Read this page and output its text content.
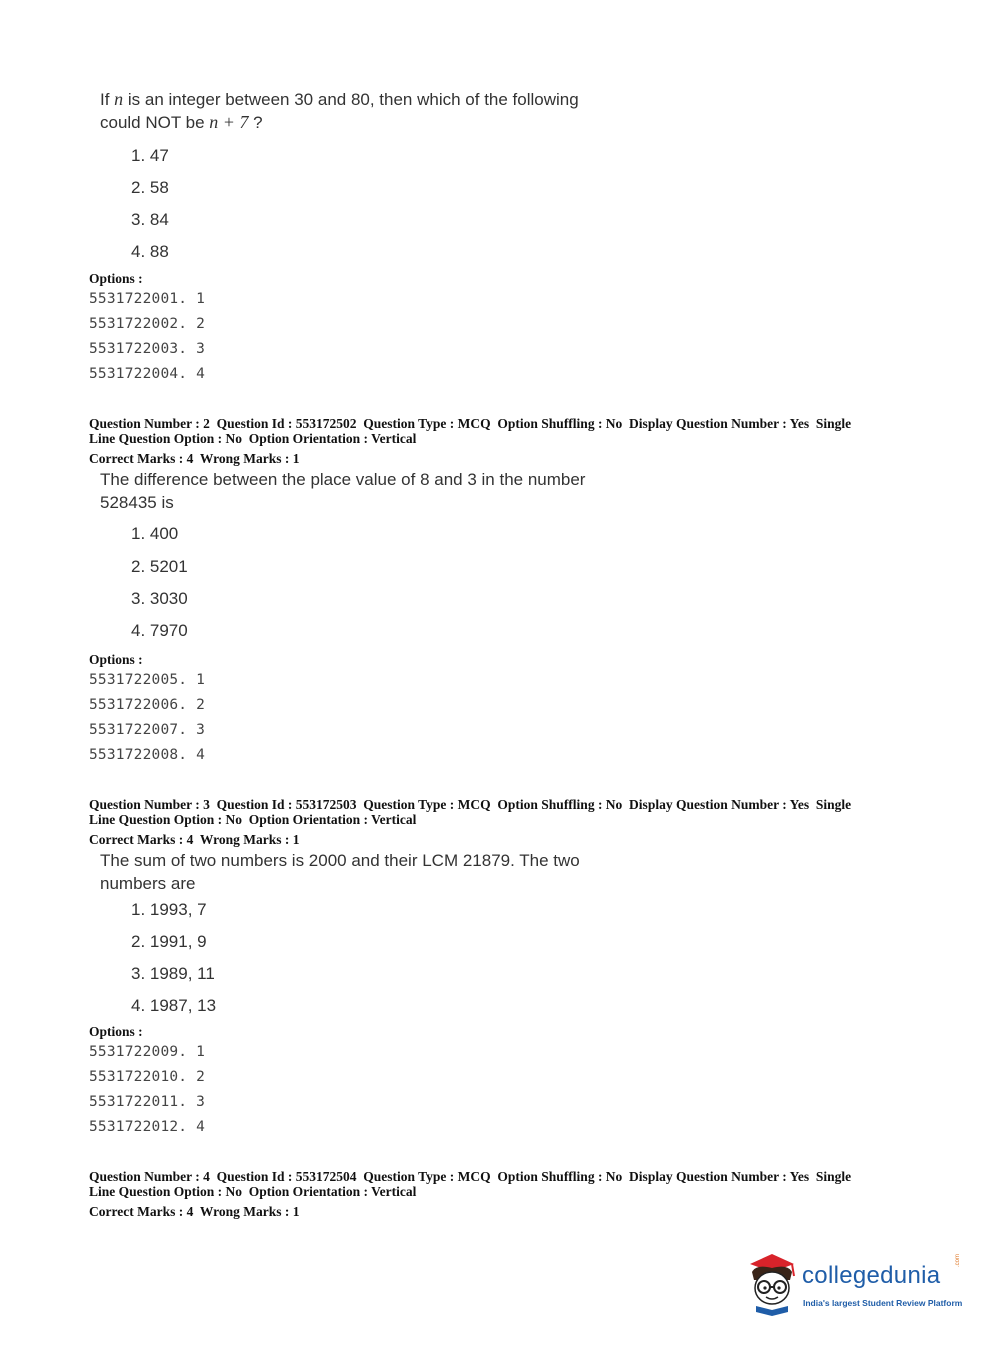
If n is an integer between 30 and 80, then which of the following
could NOT be n + 7 ?
1. 47
2. 58
3. 84
4. 88
Options :
5531722001. 1
5531722002. 2
5531722003. 3
5531722004. 4
Question Number : 2  Question Id : 553172502  Question Type : MCQ  Option Shuffling : No  Display Question Number : Yes  Single
Line Question Option : No  Option Orientation : Vertical
Correct Marks : 4  Wrong Marks : 1
The difference between the place value of 8 and 3 in the number
528435 is
1. 400
2. 5201
3. 3030
4. 7970
Options :
5531722005. 1
5531722006. 2
5531722007. 3
5531722008. 4
Question Number : 3  Question Id : 553172503  Question Type : MCQ  Option Shuffling : No  Display Question Number : Yes  Single
Line Question Option : No  Option Orientation : Vertical
Correct Marks : 4  Wrong Marks : 1
The sum of two numbers is 2000 and their LCM 21879. The two
numbers are
1. 1993, 7
2. 1991, 9
3. 1989, 11
4. 1987, 13
Options :
5531722009. 1
5531722010. 2
5531722011. 3
5531722012. 4
Question Number : 4  Question Id : 553172504  Question Type : MCQ  Option Shuffling : No  Display Question Number : Yes  Single
Line Question Option : No  Option Orientation : Vertical
Correct Marks : 4  Wrong Marks : 1
collegedunia
.com
India's largest Student Review Platform
